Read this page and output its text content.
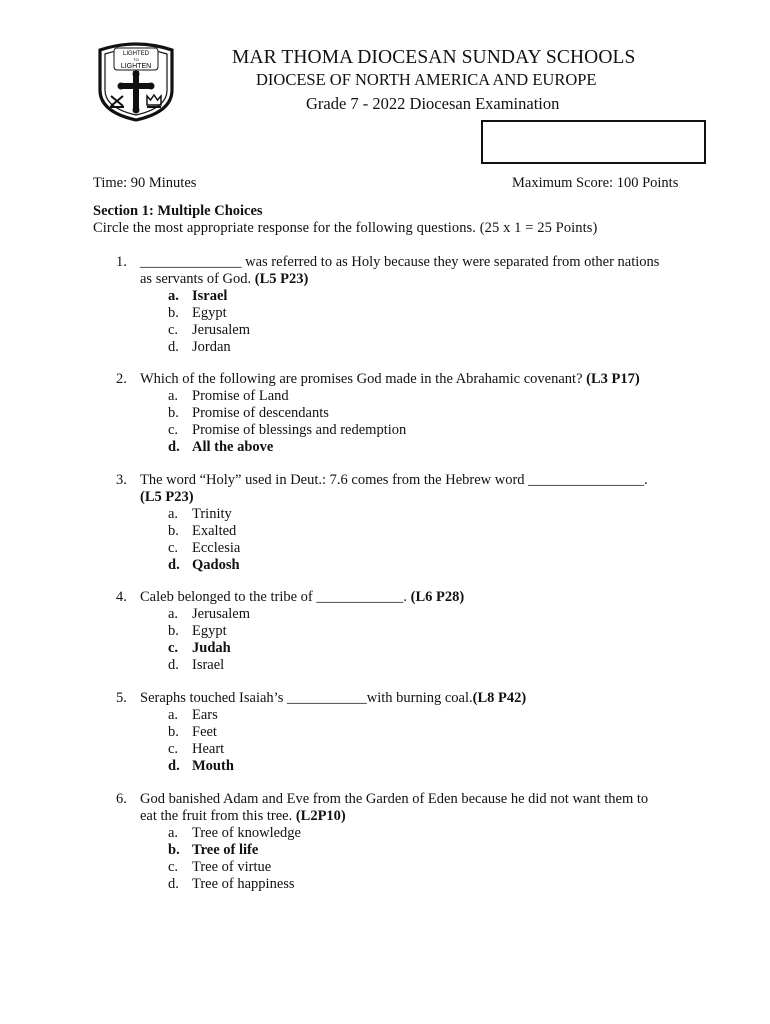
LIGHTED
TO
LIGHTEN	MAR THOMA DIOCESAN SUNDAY SCHOOLS
DIOCESE OF NORTH AMERICA AND EUROPE
Grade 7 - 2022 Diocesan Examination
Time: 90 Minutes	Maximum Score: 100 Points
Section 1: Multiple Choices
Circle the most appropriate response for the following questions. (25 x 1 = 25 Points)
1. ______________ was referred to as Holy because they were separated from other nations
as servants of God. (L5 P23)
a. Israel
b. Egypt
c. Jerusalem
d. Jordan
2. Which of the following are promises God made in the Abrahamic covenant? (L3 P17)
a. Promise of Land
b. Promise of descendants
c. Promise of blessings and redemption
d. All the above
3. The word “Holy” used in Deut.: 7.6 comes from the Hebrew word ________________.
(L5 P23)
a. Trinity
b. Exalted
c. Ecclesia
d. Qadosh
4. Caleb belonged to the tribe of ____________. (L6 P28)
a. Jerusalem
b. Egypt
c. Judah
d. Israel
5. Seraphs touched Isaiah’s ___________with burning coal.(L8 P42)
a. Ears
b. Feet
c. Heart
d. Mouth
6. God banished Adam and Eve from the Garden of Eden because he did not want them to
eat the fruit from this tree. (L2P10)
a. Tree of knowledge
b. Tree of life
c. Tree of virtue
d. Tree of happiness
